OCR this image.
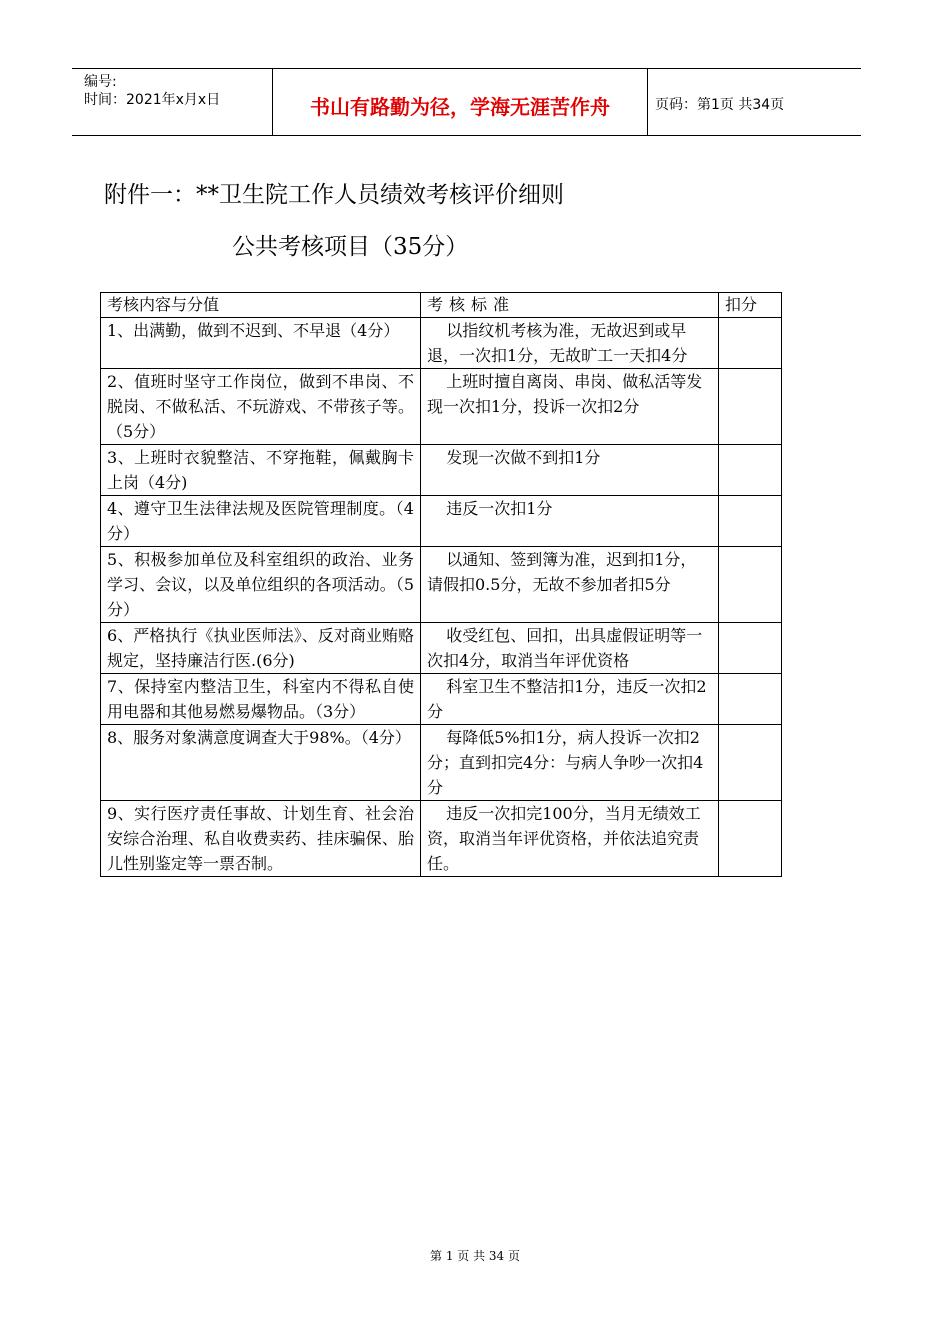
编号:
时间：2021年x月x日	书山有路勤为径，学海无涯苦作舟	页码：第1页 共34页
附件一：**卫生院工作人员绩效考核评价细则
公共考核项目（35分）
考核内容与分值	考核标准	扣分
1、出满勤，做到不迟到、不早退（4分）	以指纹机考核为准，无故迟到或早退，一次扣1分，无故旷工一天扣4分	
2、值班时坚守工作岗位，做到不串岗、不脱岗、不做私活、不玩游戏、不带孩子等。（5分）	上班时擅自离岗、串岗、做私活等发现一次扣1分，投诉一次扣2分	
3、上班时衣貌整洁、不穿拖鞋，佩戴胸卡上岗（4分)	发现一次做不到扣1分	
4、遵守卫生法律法规及医院管理制度。（4分）	违反一次扣1分	
5、积极参加单位及科室组织的政治、业务学习、会议，以及单位组织的各项活动。（5分）	以通知、签到簿为准，迟到扣1分，请假扣0.5分，无故不参加者扣5分	
6、严格执行《执业医师法》、反对商业贿赂规定，坚持廉洁行医.(6分)	收受红包、回扣，出具虚假证明等一次扣4分，取消当年评优资格	
7、保持室内整洁卫生，科室内不得私自使用电器和其他易燃易爆物品。（3分）	科室卫生不整洁扣1分，违反一次扣2分	
8、服务对象满意度调查大于98%。（4分）	每降低5%扣1分，病人投诉一次扣2分；直到扣完4分：与病人争吵一次扣4分	
9、实行医疗责任事故、计划生育、社会治安综合治理、私自收费卖药、挂床骗保、胎儿性别鉴定等一票否制。	违反一次扣完100分，当月无绩效工资，取消当年评优资格，并依法追究责任。	
第 1 页 共 34 页
